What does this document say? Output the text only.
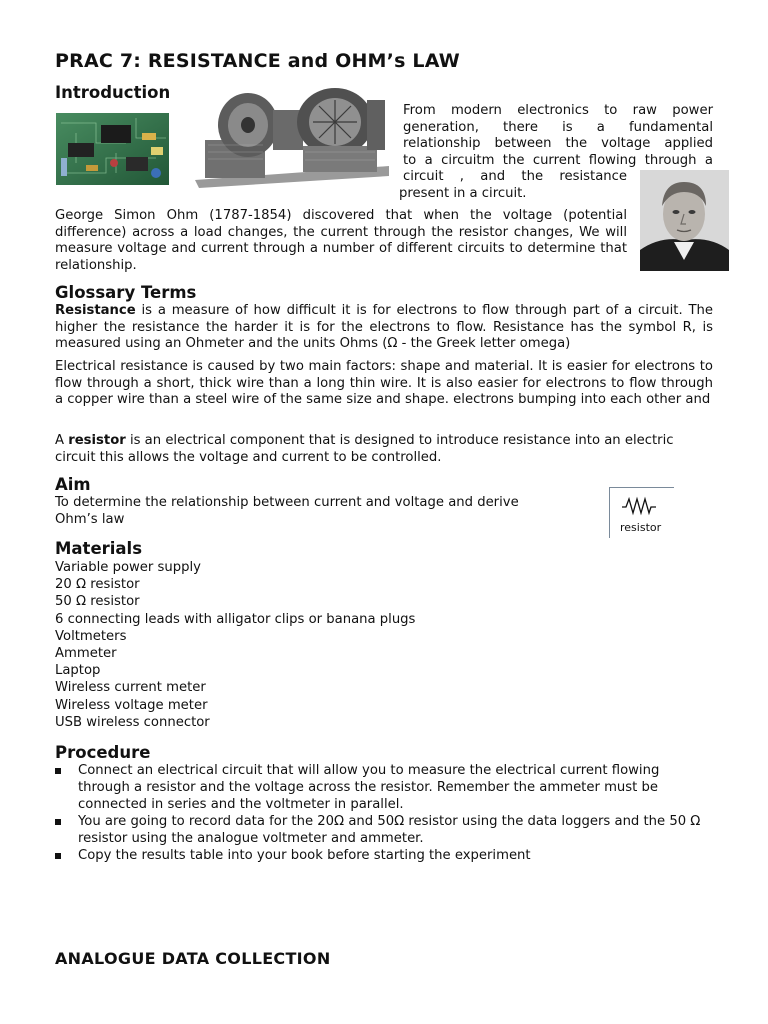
PRAC 7: RESISTANCE and OHM’s LAW
Introduction

From modern electronics to raw power
generation, there is a fundamental
relationship between the voltage applied
to a circuitm the current flowing through a
circuit , and the resistance
present in a circuit.

George Simon Ohm (1787-1854) discovered that when the voltage (potential difference) across a load changes, the current through the resistor changes, We will measure voltage and current through a number of different circuits to determine that relationship.

Glossary Terms

Resistance is a measure of how difficult it is for electrons to flow through part of a circuit. The higher the resistance the harder it is for the electrons to flow. Resistance has the symbol R, is measured using an Ohmeter and the units Ohms (Ω - the Greek letter omega)

Electrical resistance is caused by two main factors: shape and material. It is easier for electrons to flow through a short, thick wire than a long thin wire. It is also easier for electrons to flow through a copper wire than a steel wire of the same size and shape. electrons bumping into each other and

A resistor is an electrical component that is designed to introduce resistance into an electric circuit this allows the voltage and current to be controlled.

Aim

To determine the relationship between current and voltage and derive
Ohm’s law

resistor
Materials
Variable power supply
20 Ω resistor
50 Ω resistor
6 connecting leads with alligator clips or banana plugs
Voltmeters
Ammeter
Laptop
Wireless current meter
Wireless voltage meter
USB wireless connector
Procedure
Connect an electrical circuit that will allow you to measure the electrical current flowing through a resistor and the voltage across the resistor. Remember the ammeter must be connected in series and the voltmeter in parallel.
You are going to record data for the 20Ω and 50Ω resistor using the data loggers and the 50 Ω resistor using the analogue voltmeter and ammeter.
Copy the results table into your book before starting the experiment
ANALOGUE DATA COLLECTION
